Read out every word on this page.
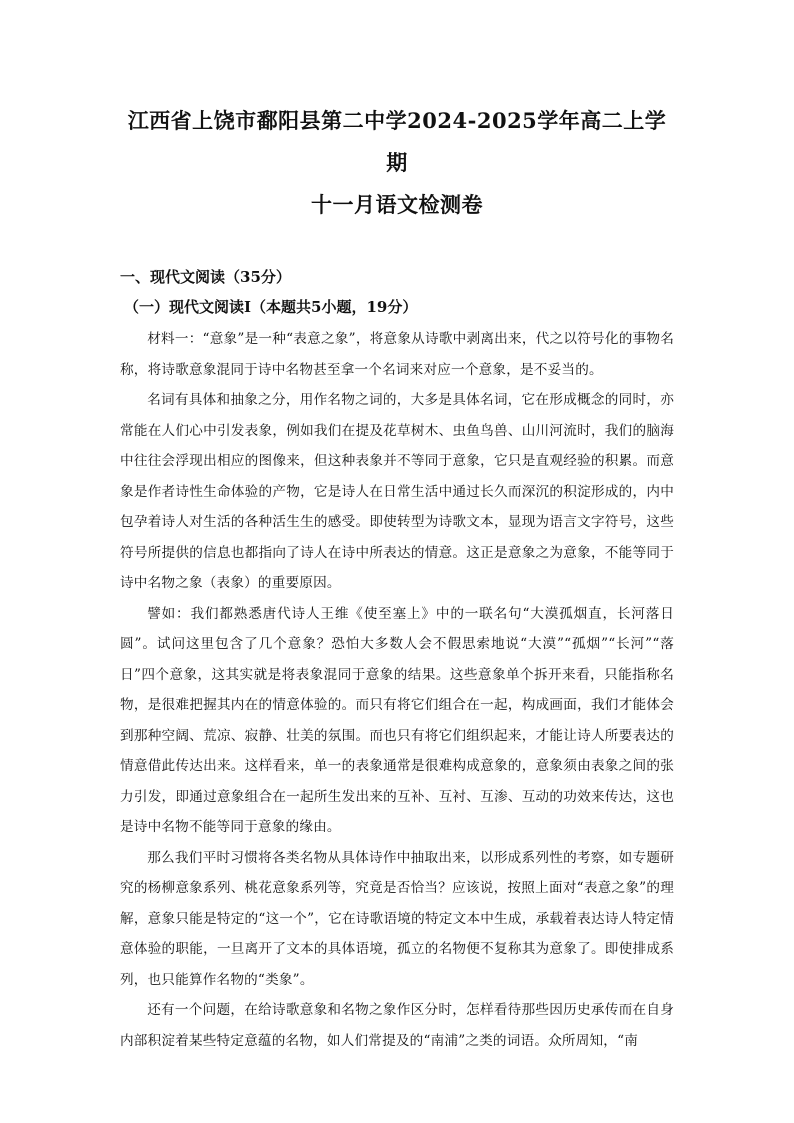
江西省上饶市鄱阳县第二中学2024-2025学年高二上学期
十一月语文检测卷
一、现代文阅读（35分）
（一）现代文阅读Ⅰ（本题共5小题，19分）

材料一：“意象”是一种“表意之象”，将意象从诗歌中剥离出来，代之以符号化的事物名称，将诗歌意象混同于诗中名物甚至拿一个名词来对应一个意象，是不妥当的。

名词有具体和抽象之分，用作名物之词的，大多是具体名词，它在形成概念的同时，亦常能在人们心中引发表象，例如我们在提及花草树木、虫鱼鸟兽、山川河流时，我们的脑海中往往会浮现出相应的图像来，但这种表象并不等同于意象，它只是直观经验的积累。而意象是作者诗性生命体验的产物，它是诗人在日常生活中通过长久而深沉的积淀形成的，内中包孕着诗人对生活的各种活生生的感受。即使转型为诗歌文本，显现为语言文字符号，这些符号所提供的信息也都指向了诗人在诗中所表达的情意。这正是意象之为意象，不能等同于诗中名物之象（表象）的重要原因。

譬如：我们都熟悉唐代诗人王维《使至塞上》中的一联名句“大漠孤烟直，长河落日圆”。试问这里包含了几个意象？恐怕大多数人会不假思索地说“大漠”“孤烟”“长河”“落日”四个意象，这其实就是将表象混同于意象的结果。这些意象单个拆开来看，只能指称名物，是很难把握其内在的情意体验的。而只有将它们组合在一起，构成画面，我们才能体会到那种空阔、荒凉、寂静、壮美的氛围。而也只有将它们组织起来，才能让诗人所要表达的情意借此传达出来。这样看来，单一的表象通常是很难构成意象的，意象须由表象之间的张力引发，即通过意象组合在一起所生发出来的互补、互衬、互渗、互动的功效来传达，这也是诗中名物不能等同于意象的缘由。

那么我们平时习惯将各类名物从具体诗作中抽取出来，以形成系列性的考察，如专题研究的杨柳意象系列、桃花意象系列等，究竟是否恰当？应该说，按照上面对“表意之象”的理解，意象只能是特定的“这一个”，它在诗歌语境的特定文本中生成，承载着表达诗人特定情意体验的职能，一旦离开了文本的具体语境，孤立的名物便不复称其为意象了。即使排成系列，也只能算作名物的“类象”。

还有一个问题，在给诗歌意象和名物之象作区分时，怎样看待那些因历史承传而在自身内部积淀着某些特定意蕴的名物，如人们常提及的“南浦”之类的词语。众所周知，“南
